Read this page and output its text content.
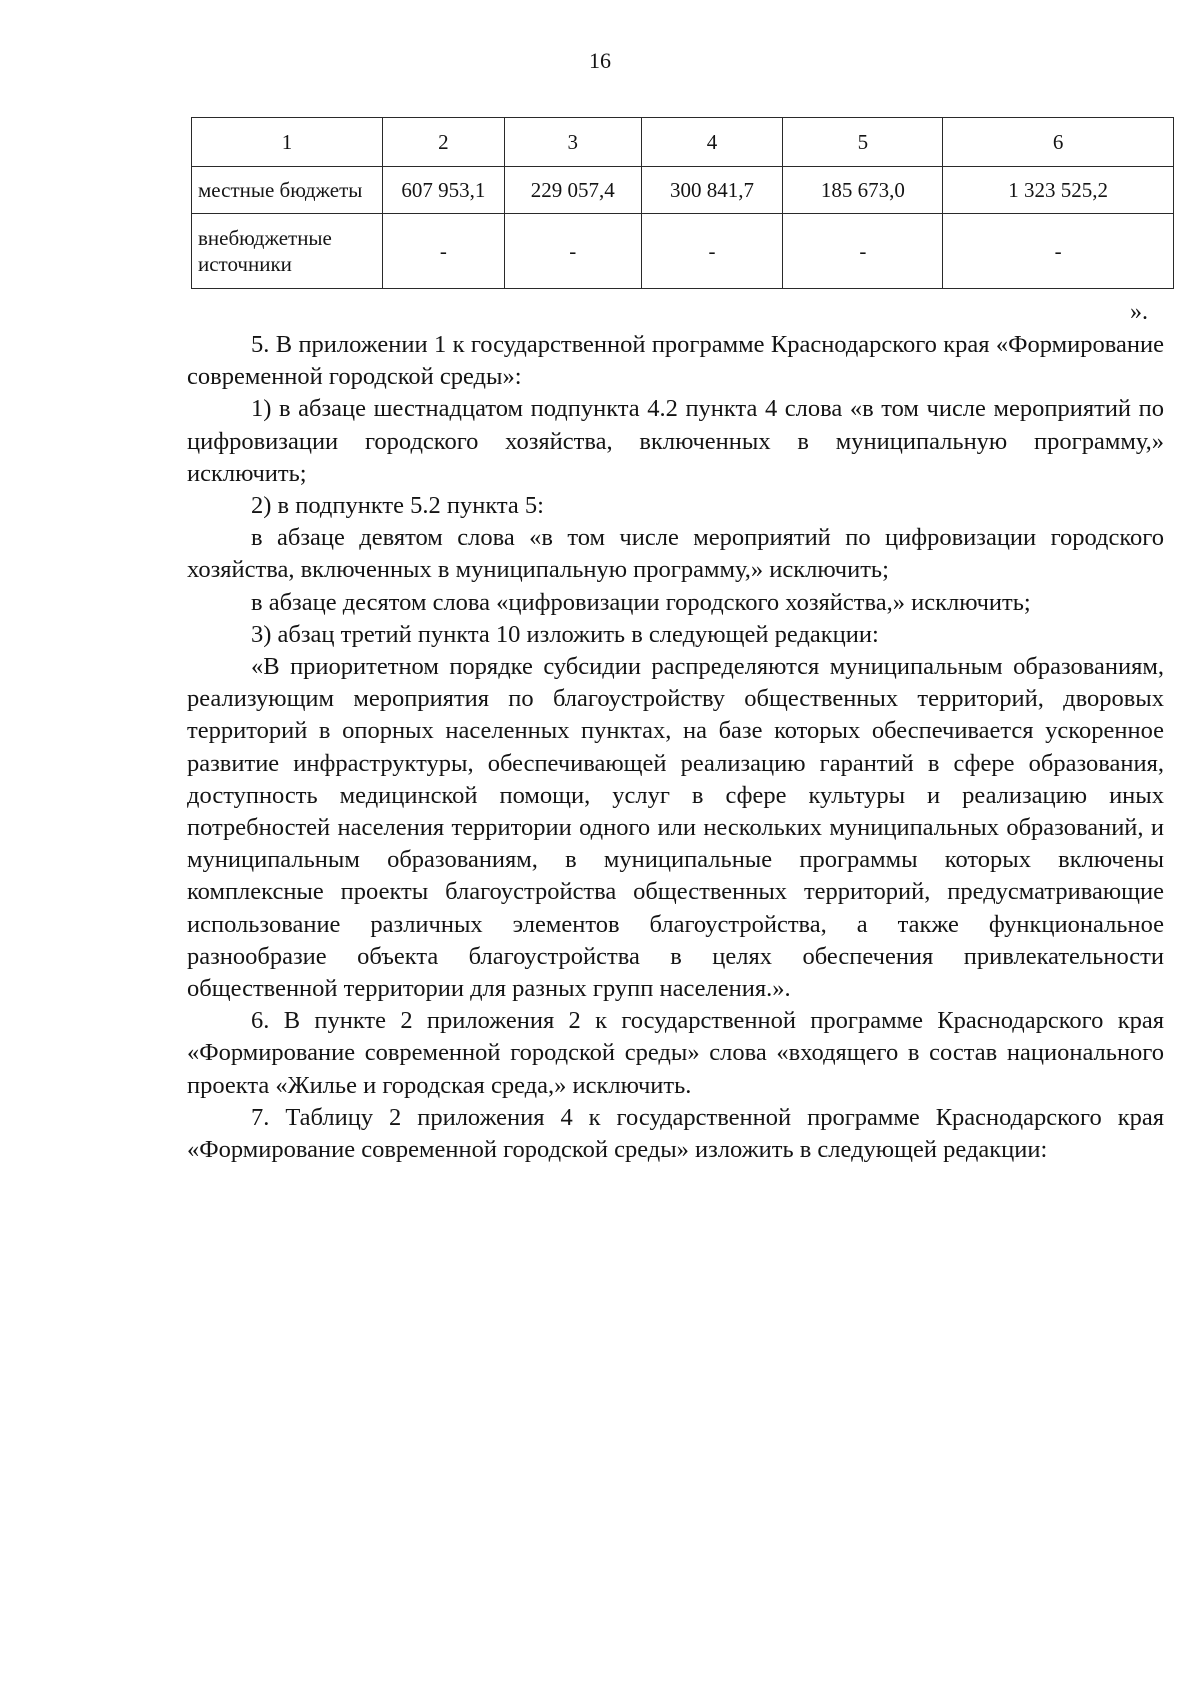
16
1	2	3	4	5	6
местные бюджеты	607 953,1	229 057,4	300 841,7	185 673,0	1 323 525,2
внебюджетные источники	-	-	-	-	-
».

5. В приложении 1 к государственной программе Краснодарского края «Формирование современной городской среды»:

1) в абзаце шестнадцатом подпункта 4.2 пункта 4 слова «в том числе мероприятий по цифровизации городского хозяйства, включенных в муниципальную программу,» исключить;

2) в подпункте 5.2 пункта 5:

в абзаце девятом слова «в том числе мероприятий по цифровизации городского хозяйства, включенных в муниципальную программу,» исключить;

в абзаце десятом слова «цифровизации городского хозяйства,» исключить;

3) абзац третий пункта 10 изложить в следующей редакции:

«В приоритетном порядке субсидии распределяются муниципальным образованиям, реализующим мероприятия по благоустройству общественных территорий, дворовых территорий в опорных населенных пунктах, на базе которых обеспечивается ускоренное развитие инфраструктуры, обеспечивающей реализацию гарантий в сфере образования, доступность медицинской помощи, услуг в сфере культуры и реализацию иных потребностей населения территории одного или нескольких муниципальных образований, и муниципальным образованиям, в муниципальные программы которых включены комплексные проекты благоустройства общественных территорий, предусматривающие использование различных элементов благоустройства, а также функциональное разнообразие объекта благоустройства в целях обеспечения привлекательности общественной территории для разных групп населения.».

6. В пункте 2 приложения 2 к государственной программе Краснодарского края «Формирование современной городской среды» слова «входящего в состав национального проекта «Жилье и городская среда,» исключить.

7. Таблицу 2 приложения 4 к государственной программе Краснодарского края «Формирование современной городской среды» изложить в следующей редакции:
